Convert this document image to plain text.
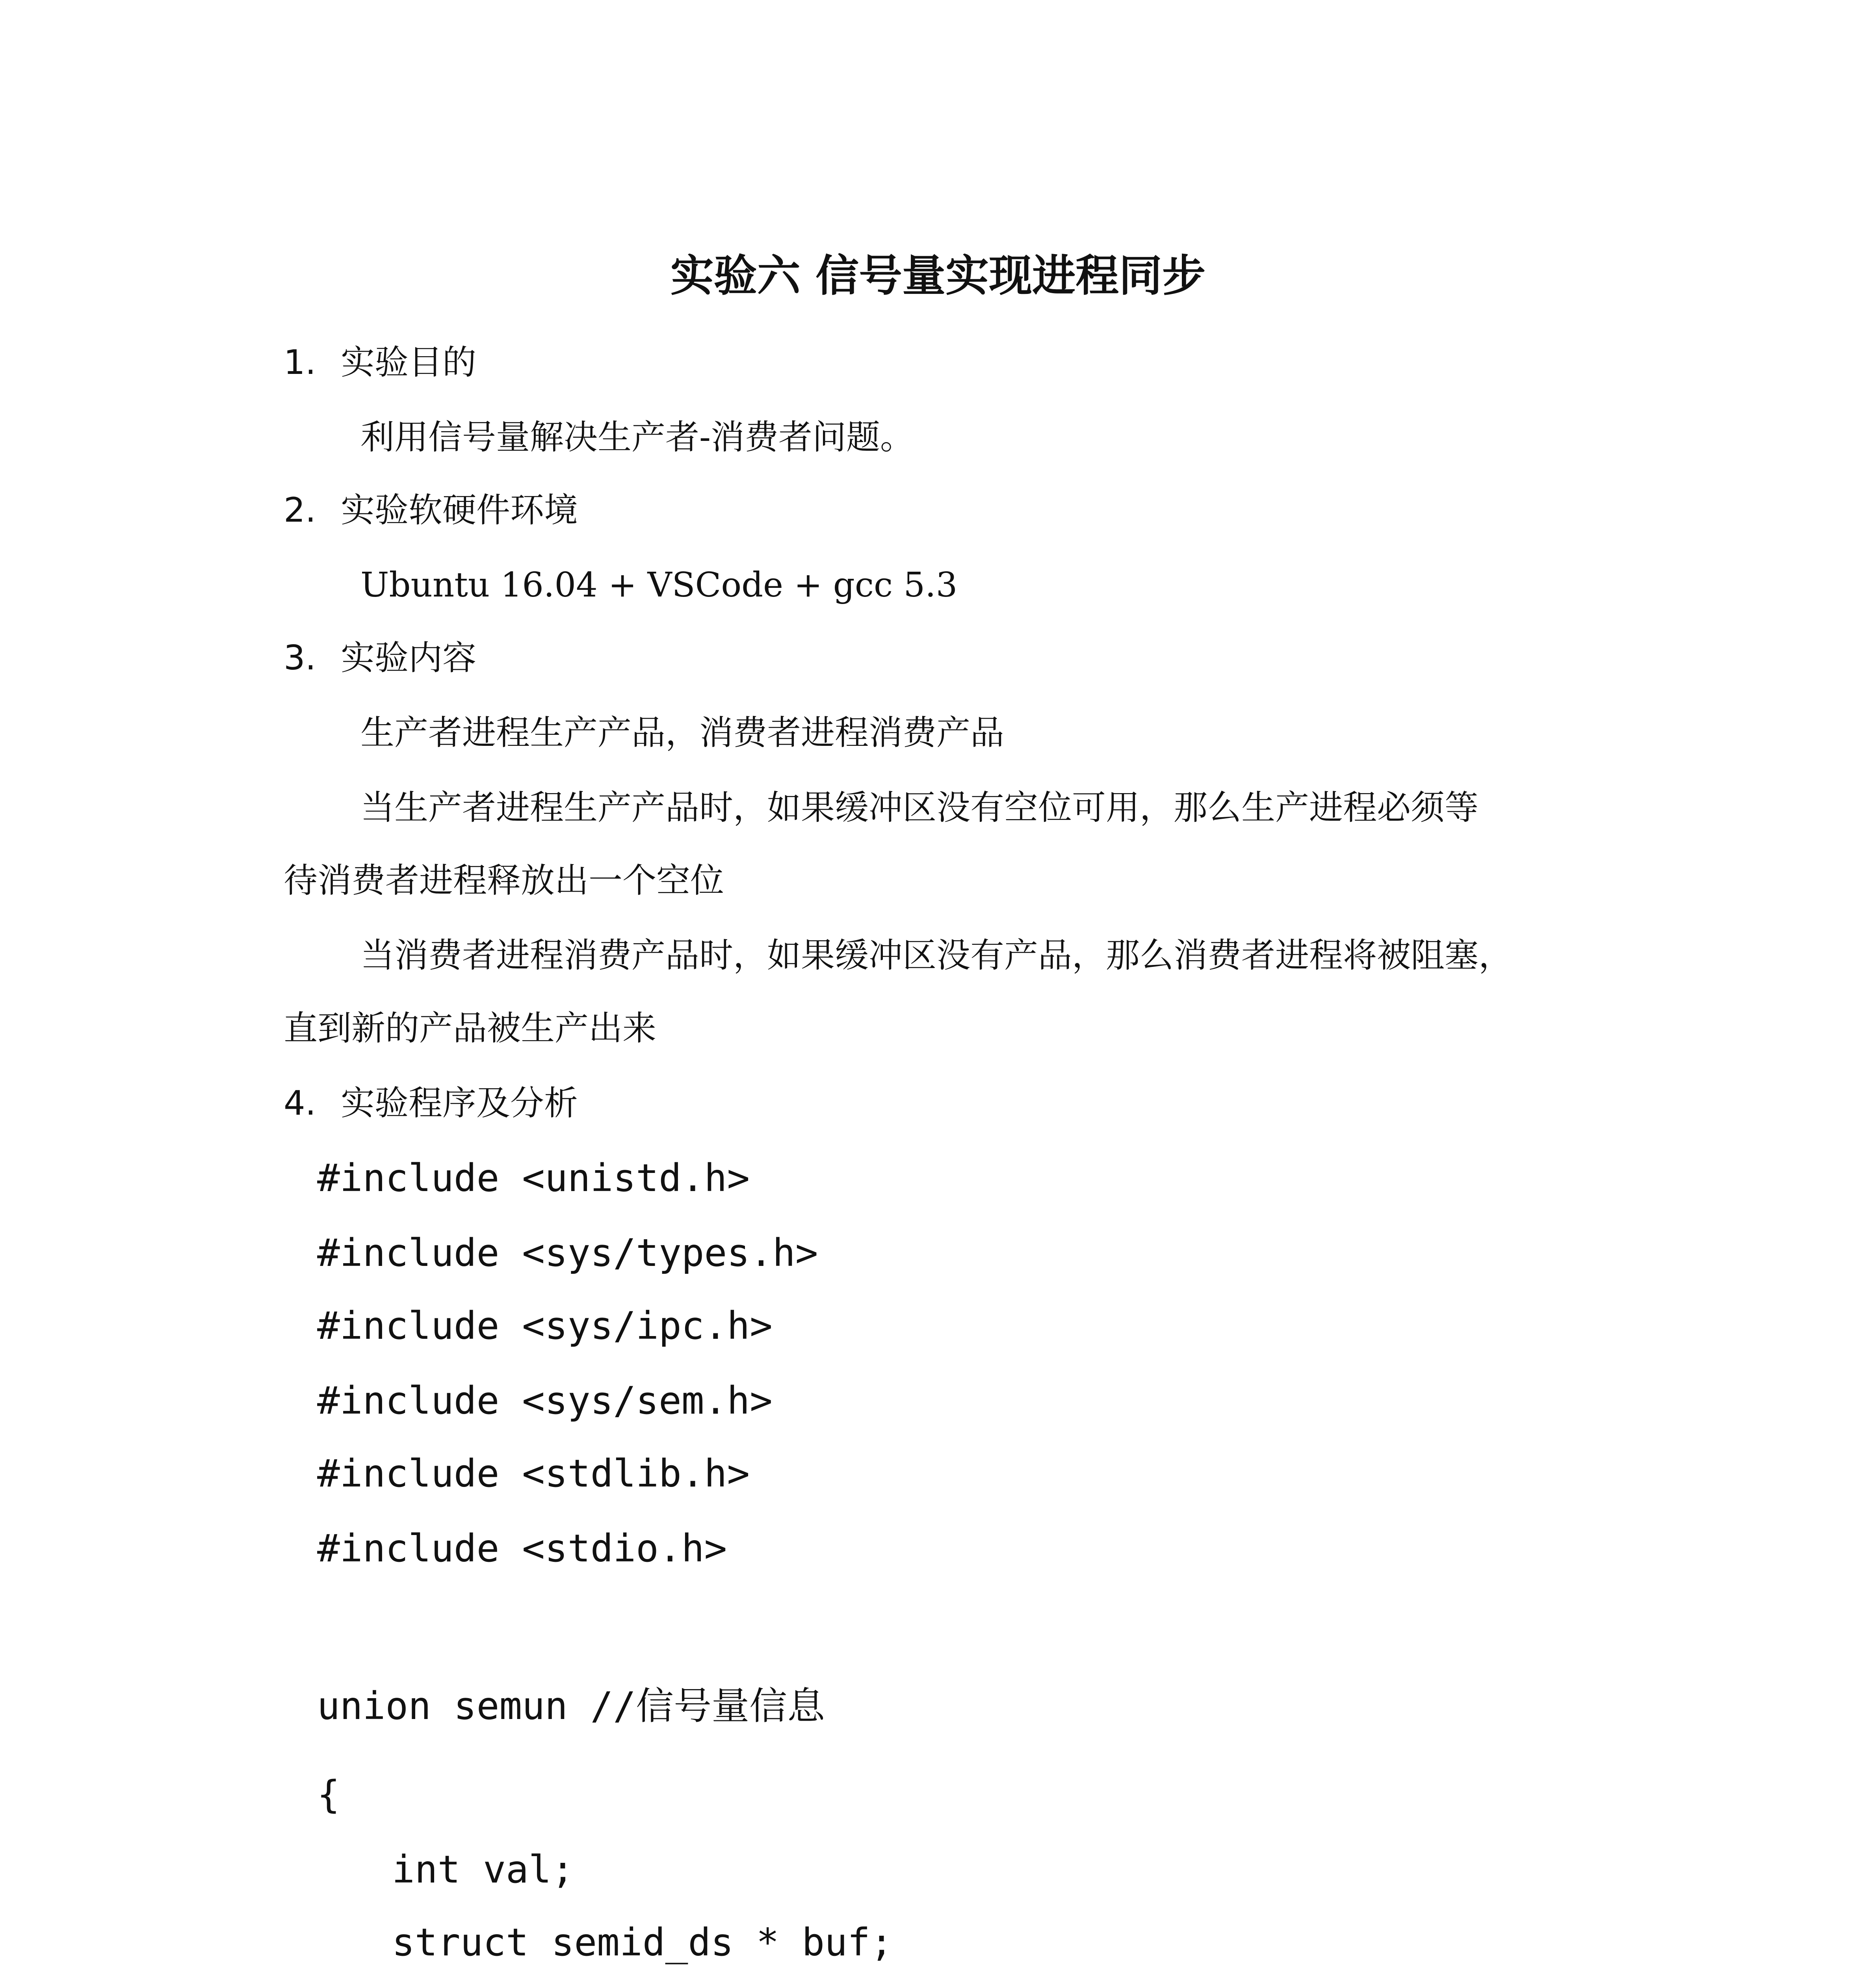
实验六 信号量实现进程同步
1. 实验目的
利用信号量解决生产者-消费者问题。
2. 实验软硬件环境
Ubuntu 16.04 + VSCode + gcc 5.3
3. 实验内容
生产者进程生产产品，消费者进程消费产品
当生产者进程生产产品时，如果缓冲区没有空位可用，那么生产进程必须等
待消费者进程释放出一个空位
当消费者进程消费产品时，如果缓冲区没有产品，那么消费者进程将被阻塞，
直到新的产品被生产出来
4. 实验程序及分析
#include <unistd.h>
#include <sys/types.h>
#include <sys/ipc.h>
#include <sys/sem.h>
#include <stdlib.h>
#include <stdio.h>
union semun //信号量信息
{
int val;
struct semid_ds * buf;
